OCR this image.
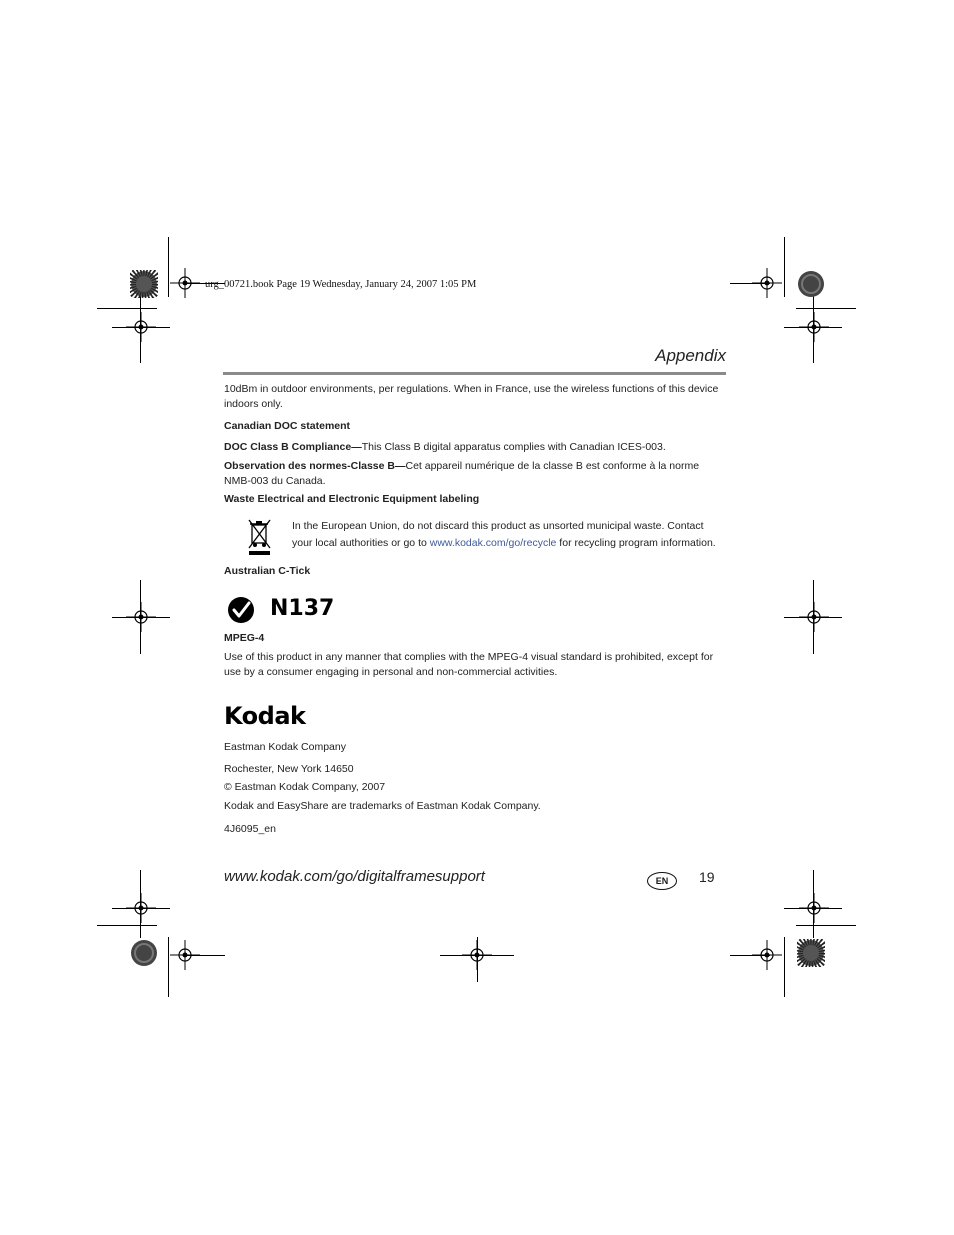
urg_00721.book Page 19 Wednesday, January 24, 2007 1:05 PM
Appendix
10dBm in outdoor environments, per regulations. When in France, use the wireless functions of this device indoors only.
Canadian DOC statement
DOC Class B Compliance—This Class B digital apparatus complies with Canadian ICES-003.
Observation des normes-Classe B—Cet appareil numérique de la classe B est conforme à la norme NMB-003 du Canada.
Waste Electrical and Electronic Equipment labeling
In the European Union, do not discard this product as unsorted municipal waste. Contact your local authorities or go to www.kodak.com/go/recycle for recycling program information.
Australian C-Tick
N137
MPEG-4
Use of this product in any manner that complies with the MPEG-4 visual standard is prohibited, except for use by a consumer engaging in personal and non-commercial activities.
Kodak
Eastman Kodak Company
Rochester, New York 14650
© Eastman Kodak Company, 2007
Kodak and EasyShare are trademarks of Eastman Kodak Company.
4J6095_en
www.kodak.com/go/digitalframesupport	EN	19
